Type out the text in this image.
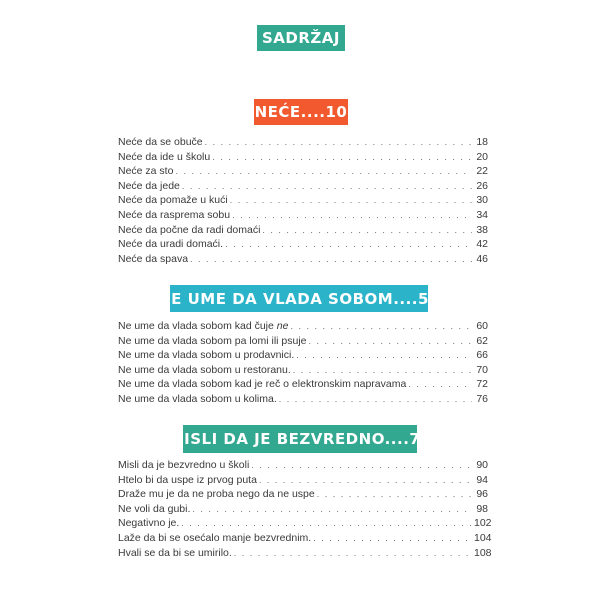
SADRŽAJ
NEĆE....10
Neće da se obuče . . .	18
Neće da ide u školu . . .	20
Neće za sto . . .	22
Neće da jede . . .	26
Neće da pomaže u kući . . .	30
Neće da raspremа sobu . . .	34
Neće da počne da radi domaći . . .	38
Neće da uradi domaći. . . .	42
Neće da spava . . .	46
NE UME DA VLADA SOBOM....50
Ne ume da vlada sobom kad čuje ne . . .	60
Ne ume da vlada sobom pa lomi ili psuje . . .	62
Ne ume da vlada sobom u prodavnici. . . .	66
Ne ume da vlada sobom u restoranu. . . .	70
Ne ume da vlada sobom kad je reč o elektronskim napravama . . .	72
Ne ume da vlada sobom u kolima. . . .	76
MISLI DA JE BEZVREDNO....78
Misli da je bezvredno u školi . . .	90
Htelo bi da uspe iz prvog puta . . .	94
Draže mu je da ne proba nego da ne uspe . . .	96
Ne voli da gubi. . . .	98
Negativno je. . . .	102
Laže da bi se osećalo manje bezvrednim. . . .	104
Hvali se da bi se umirilo. . . .	108
